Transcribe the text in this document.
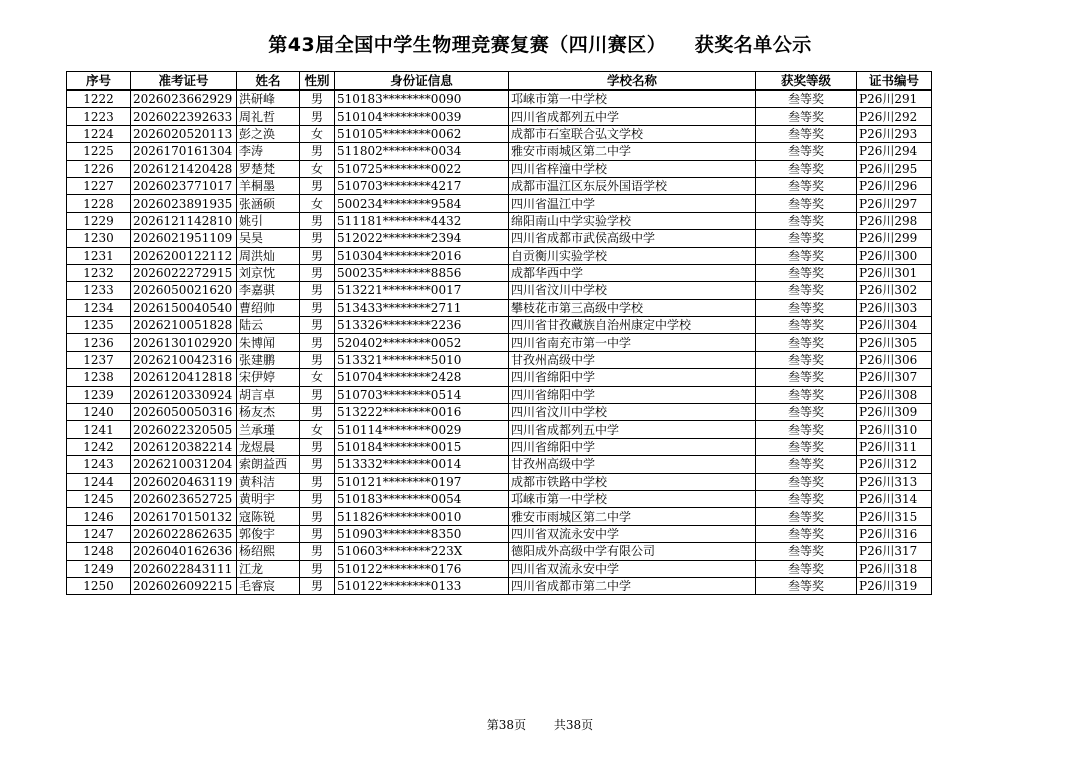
第43届全国中学生物理竞赛复赛（四川赛区）    获奖名单公示
序号	准考证号	姓名	性别	身份证信息	学校名称	获奖等级	证书编号
1222	2026023662929	洪研峰	男	510183********0090	邛崃市第一中学校	叁等奖	P26川291
1223	2026022392633	周礼哲	男	510104********0039	四川省成都列五中学	叁等奖	P26川292
1224	2026020520113	彭之涣	女	510105********0062	成都市石室联合弘文学校	叁等奖	P26川293
1225	2026170161304	李涛	男	511802********0034	雅安市雨城区第二中学	叁等奖	P26川294
1226	2026121420428	罗楚梵	女	510725********0022	四川省梓潼中学校	叁等奖	P26川295
1227	2026023771017	羊桐墨	男	510703********4217	成都市温江区东辰外国语学校	叁等奖	P26川296
1228	2026023891935	张涵硕	女	500234********9584	四川省温江中学	叁等奖	P26川297
1229	2026121142810	姚引	男	511181********4432	绵阳南山中学实验学校	叁等奖	P26川298
1230	2026021951109	吴昊	男	512022********2394	四川省成都市武侯高级中学	叁等奖	P26川299
1231	2026200122112	周洪灿	男	510304********2016	自贡衡川实验学校	叁等奖	P26川300
1232	2026022272915	刘京忱	男	500235********8856	成都华西中学	叁等奖	P26川301
1233	2026050021620	李嘉骐	男	513221********0017	四川省汶川中学校	叁等奖	P26川302
1234	2026150040540	曹绍帅	男	513433********2711	攀枝花市第三高级中学校	叁等奖	P26川303
1235	2026210051828	陆云	男	513326********2236	四川省甘孜藏族自治州康定中学校	叁等奖	P26川304
1236	2026130102920	朱博闻	男	520402********0052	四川省南充市第一中学	叁等奖	P26川305
1237	2026210042316	张建鹏	男	513321********5010	甘孜州高级中学	叁等奖	P26川306
1238	2026120412818	宋伊婷	女	510704********2428	四川省绵阳中学	叁等奖	P26川307
1239	2026120330924	胡言卓	男	510703********0514	四川省绵阳中学	叁等奖	P26川308
1240	2026050050316	杨友杰	男	513222********0016	四川省汶川中学校	叁等奖	P26川309
1241	2026022320505	兰承瑾	女	510114********0029	四川省成都列五中学	叁等奖	P26川310
1242	2026120382214	龙煜晨	男	510184********0015	四川省绵阳中学	叁等奖	P26川311
1243	2026210031204	索朗益西	男	513332********0014	甘孜州高级中学	叁等奖	P26川312
1244	2026020463119	黄科洁	男	510121********0197	成都市铁路中学校	叁等奖	P26川313
1245	2026023652725	黄明宇	男	510183********0054	邛崃市第一中学校	叁等奖	P26川314
1246	2026170150132	寇陈锐	男	511826********0010	雅安市雨城区第二中学	叁等奖	P26川315
1247	2026022862635	郭俊宇	男	510903********8350	四川省双流永安中学	叁等奖	P26川316
1248	2026040162636	杨绍熙	男	510603********223X	德阳成外高级中学有限公司	叁等奖	P26川317
1249	2026022843111	江龙	男	510122********0176	四川省双流永安中学	叁等奖	P26川318
1250	2026026092215	毛睿宸	男	510122********0133	四川省成都市第二中学	叁等奖	P26川319
第38页 共38页
